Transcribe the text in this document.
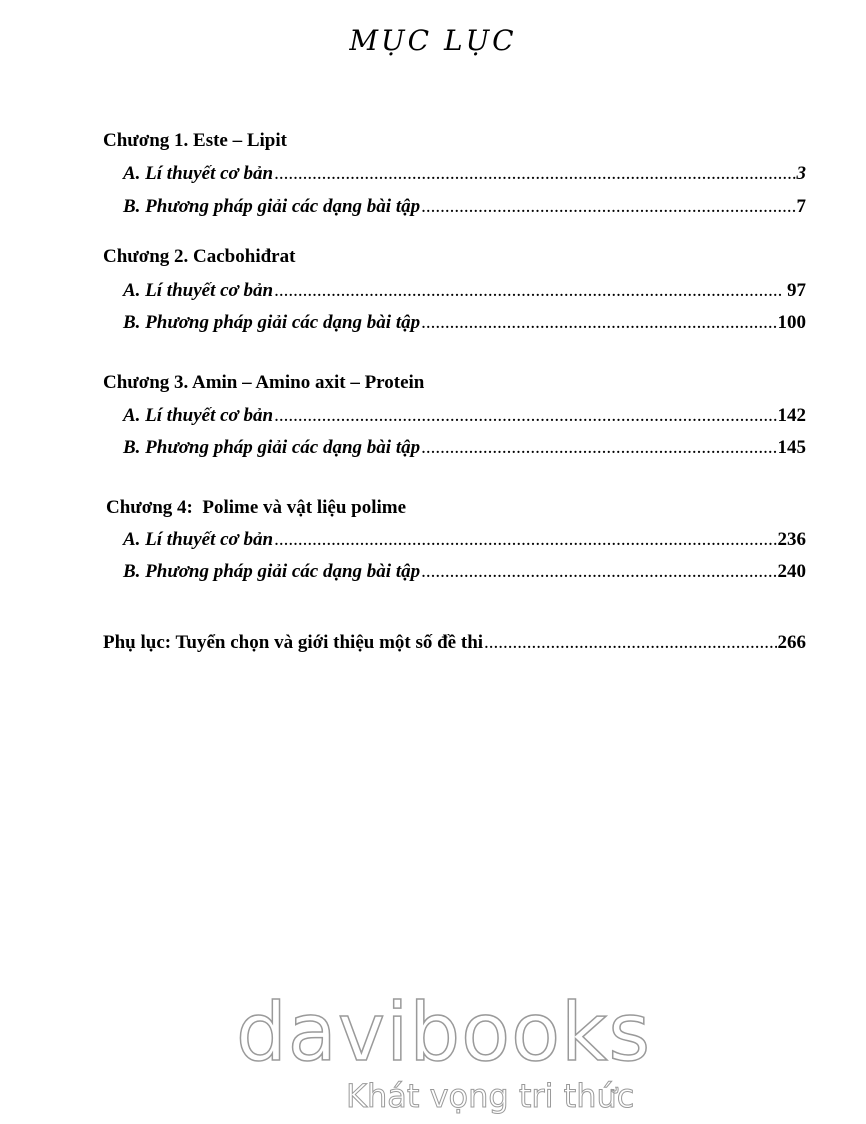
MỤC LỤC
Chương 1. Este – Lipit
A. Lí thuyết cơ bản .....	3
B. Phương pháp giải các dạng bài tập .....	7
Chương 2. Cacbohiđrat
A. Lí thuyết cơ bản .....	97
B. Phương pháp giải các dạng bài tập .....	100
Chương 3. Amin – Amino axit – Protein
A. Lí thuyết cơ bản .....	142
B. Phương pháp giải các dạng bài tập .....	145
Chương 4:  Polime và vật liệu polime
A. Lí thuyết cơ bản .....	236
B. Phương pháp giải các dạng bài tập .....	240
Phụ lục: Tuyển chọn và giới thiệu một số đề thi .....	266
davibooks
Khát vọng tri thức
